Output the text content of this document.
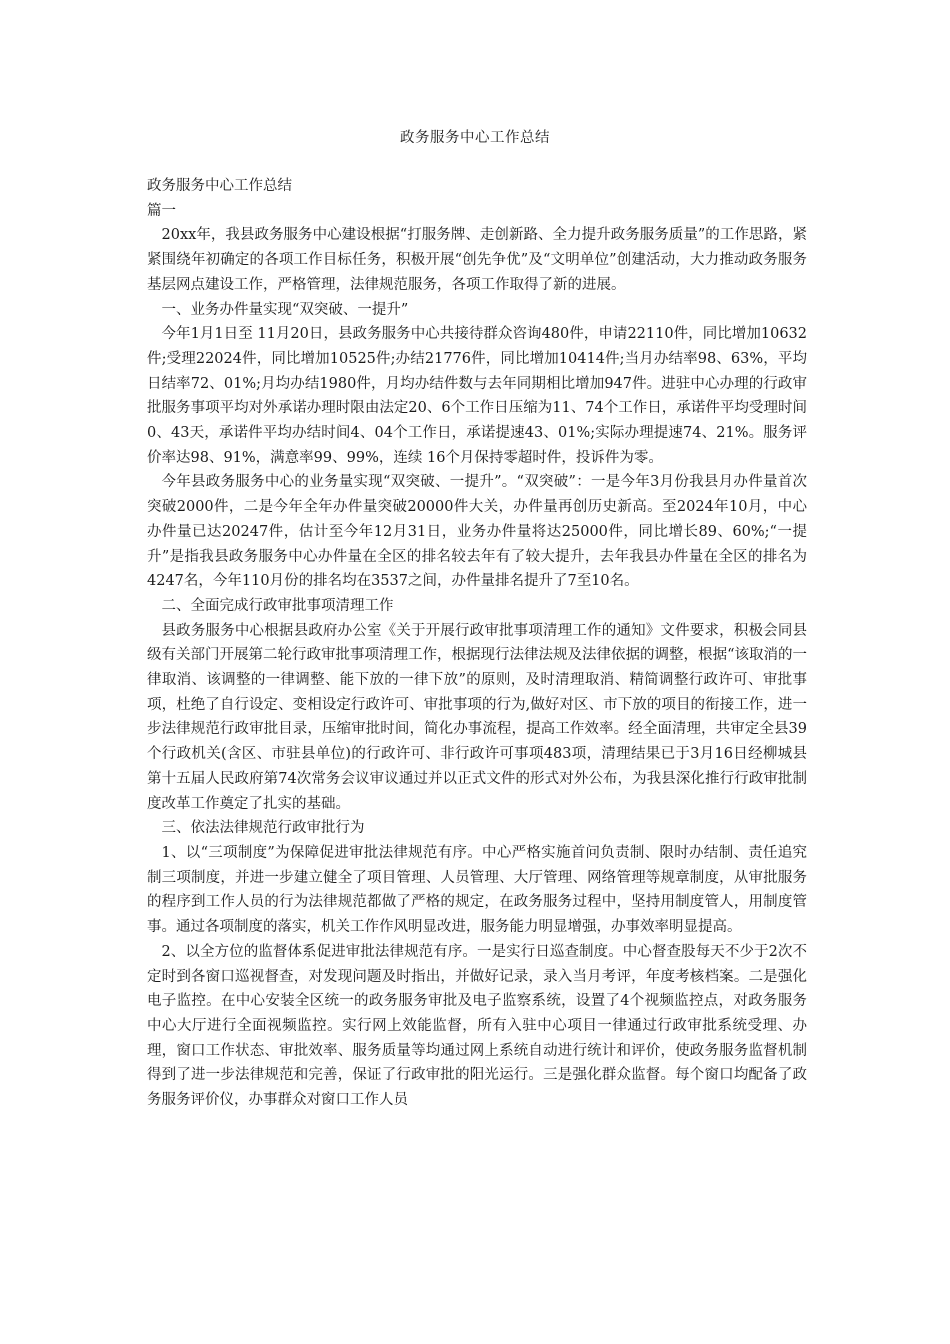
政务服务中心工作总结

政务服务中心工作总结

篇一

20xx年，我县政务服务中心建设根据“打服务牌、走创新路、全力提升政务服务质量”的工作思路，紧紧围绕年初确定的各项工作目标任务，积极开展“创先争优”及“文明单位”创建活动，大力推动政务服务基层网点建设工作，严格管理，法律规范服务，各项工作取得了新的进展。

一、业务办件量实现“双突破、一提升”

今年1月1日至 11月20日，县政务服务中心共接待群众咨询480件，申请22110件，同比增加10632件;受理22024件，同比增加10525件;办结21776件，同比增加10414件;当月办结率98、63%，平均日结率72、01%;月均办结1980件，月均办结件数与去年同期相比增加947件。进驻中心办理的行政审批服务事项平均对外承诺办理时限由法定20、6个工作日压缩为11、74个工作日，承诺件平均受理时间0、43天，承诺件平均办结时间4、04个工作日，承诺提速43、01%;实际办理提速74、21%。服务评价率达98、91%，满意率99、99%，连续 16个月保持零超时件，投诉件为零。

今年县政务服务中心的业务量实现“双突破、一提升”。“双突破”：一是今年3月份我县月办件量首次突破2000件，二是今年全年办件量突破20000件大关，办件量再创历史新高。至2024年10月，中心办件量已达20247件，估计至今年12月31日，业务办件量将达25000件，同比增长89、60%;“一提升”是指我县政务服务中心办件量在全区的排名较去年有了较大提升，去年我县办件量在全区的排名为4247名，今年110月份的排名均在3537之间，办件量排名提升了7至10名。

二、全面完成行政审批事项清理工作

县政务服务中心根据县政府办公室《关于开展行政审批事项清理工作的通知》文件要求，积极会同县级有关部门开展第二轮行政审批事项清理工作，根据现行法律法规及法律依据的调整，根据“该取消的一律取消、该调整的一律调整、能下放的一律下放”的原则，及时清理取消、精简调整行政许可、审批事项，杜绝了自行设定、变相设定行政许可、审批事项的行为,做好对区、市下放的项目的衔接工作，进一步法律规范行政审批目录，压缩审批时间，简化办事流程，提高工作效率。经全面清理，共审定全县39个行政机关(含区、市驻县单位)的行政许可、非行政许可事项483项，清理结果已于3月16日经柳城县第十五届人民政府第74次常务会议审议通过并以正式文件的形式对外公布，为我县深化推行行政审批制度改革工作奠定了扎实的基础。

三、依法法律规范行政审批行为

1、以“三项制度”为保障促进审批法律规范有序。中心严格实施首问负责制、限时办结制、责任追究制三项制度，并进一步建立健全了项目管理、人员管理、大厅管理、网络管理等规章制度，从审批服务的程序到工作人员的行为法律规范都做了严格的规定，在政务服务过程中，坚持用制度管人，用制度管事。通过各项制度的落实，机关工作作风明显改进，服务能力明显增强，办事效率明显提高。

2、以全方位的监督体系促进审批法律规范有序。一是实行日巡查制度。中心督查股每天不少于2次不定时到各窗口巡视督查，对发现问题及时指出，并做好记录，录入当月考评，年度考核档案。二是强化电子监控。在中心安装全区统一的政务服务审批及电子监察系统，设置了4个视频监控点，对政务服务中心大厅进行全面视频监控。实行网上效能监督，所有入驻中心项目一律通过行政审批系统受理、办理，窗口工作状态、审批效率、服务质量等均通过网上系统自动进行统计和评价，使政务服务监督机制得到了进一步法律规范和完善，保证了行政审批的阳光运行。三是强化群众监督。每个窗口均配备了政务服务评价仪，办事群众对窗口工作人员
